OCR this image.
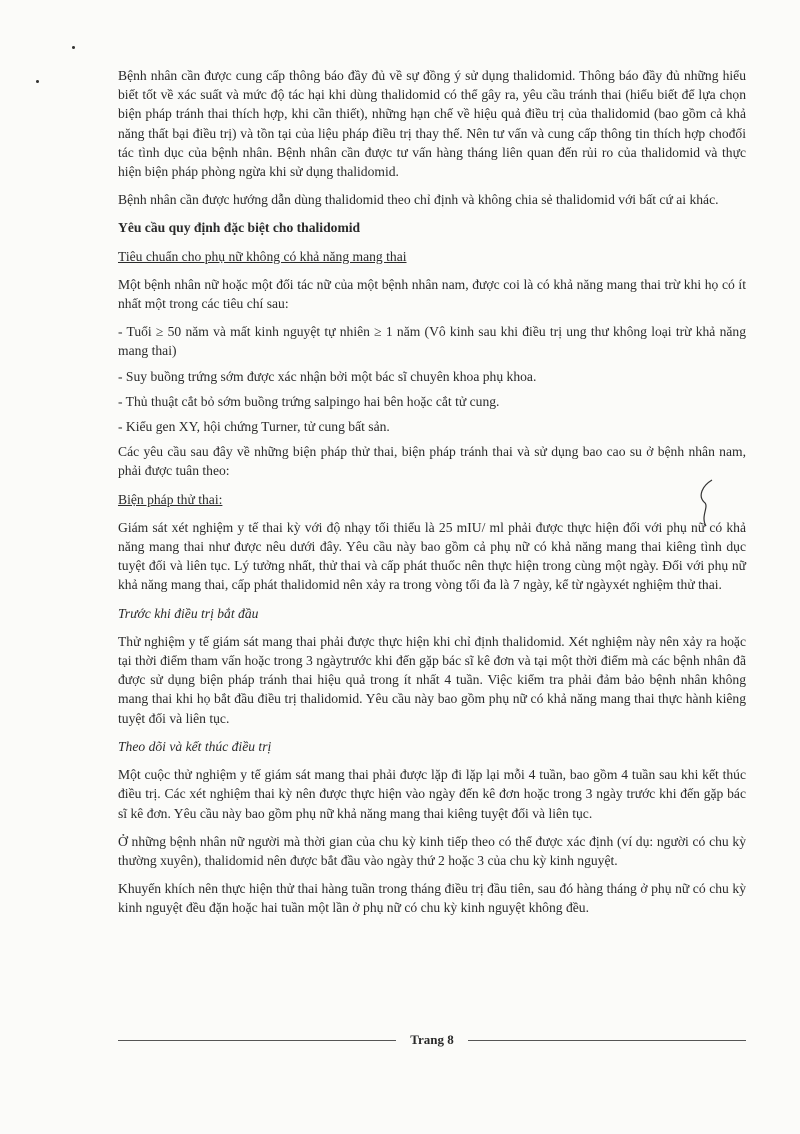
Bệnh nhân cần được cung cấp thông báo đầy đủ về sự đồng ý sử dụng thalidomid. Thông báo đầy đủ những hiểu biết tốt về xác suất và mức độ tác hại khi dùng thalidomid có thể gây ra, yêu cầu tránh thai (hiểu biết để lựa chọn biện pháp tránh thai thích hợp, khi cần thiết), những hạn chế về hiệu quả điều trị của thalidomid (bao gồm cả khả năng thất bại điều trị) và tồn tại của liệu pháp điều trị thay thế. Nên tư vấn và cung cấp thông tin thích hợp chođối tác tình dục của bệnh nhân. Bệnh nhân cần được tư vấn hàng tháng liên quan đến rủi ro của thalidomid và thực hiện biện pháp phòng ngừa khi sử dụng thalidomid.

Bệnh nhân cần được hướng dẫn dùng thalidomid theo chỉ định và không chia sẻ thalidomid với bất cứ ai khác.

Yêu cầu quy định đặc biệt cho thalidomid

Tiêu chuẩn cho phụ nữ không có khả năng mang thai

Một bệnh nhân nữ hoặc một đối tác nữ của một bệnh nhân nam, được coi là có khả năng mang thai trừ khi họ có ít nhất một trong các tiêu chí sau:

- Tuổi ≥ 50 năm và mất kinh nguyệt tự nhiên ≥ 1 năm (Vô kinh sau khi điều trị ung thư không loại trừ khả năng mang thai)

- Suy buồng trứng sớm được xác nhận bởi một bác sĩ chuyên khoa phụ khoa.

- Thủ thuật cắt bỏ sớm buồng trứng salpingo hai bên hoặc cắt tử cung.

- Kiểu gen XY, hội chứng Turner, tử cung bất sản.

Các yêu cầu sau đây về những biện pháp thử thai, biện pháp tránh thai và sử dụng bao cao su ở bệnh nhân nam, phải được tuân theo:

Biện pháp thử thai:

Giám sát xét nghiệm y tế thai kỳ với độ nhạy tối thiểu là 25 mIU/ ml phải được thực hiện đối với phụ nữ có khả năng mang thai như được nêu dưới đây. Yêu cầu này bao gồm cả phụ nữ có khả năng mang thai kiêng tình dục tuyệt đối và liên tục. Lý tưởng nhất, thử thai và cấp phát thuốc nên thực hiện trong cùng một ngày. Đối với phụ nữ khả năng mang thai, cấp phát thalidomid nên xảy ra trong vòng tối đa là 7 ngày, kể từ ngàyxét nghiệm thử thai.

Trước khi điều trị bắt đầu

Thử nghiệm y tế giám sát mang thai phải được thực hiện khi chỉ định thalidomid. Xét nghiệm này nên xảy ra hoặc tại thời điểm tham vấn hoặc trong 3 ngàytrước khi đến gặp bác sĩ kê đơn và tại một thời điểm mà các bệnh nhân đã được sử dụng biện pháp tránh thai hiệu quả trong ít nhất 4 tuần. Việc kiểm tra phải đảm bảo bệnh nhân không mang thai khi họ bắt đầu điều trị thalidomid. Yêu cầu này bao gồm phụ nữ có khả năng mang thai thực hành kiêng tuyệt đối và liên tục.

Theo dõi và kết thúc điều trị

Một cuộc thử nghiệm y tế giám sát mang thai phải được lặp đi lặp lại mỗi 4 tuần, bao gồm 4 tuần sau khi kết thúc điều trị. Các xét nghiệm thai kỳ nên được thực hiện vào ngày đến kê đơn hoặc trong 3 ngày trước khi đến gặp bác sĩ kê đơn. Yêu cầu này bao gồm phụ nữ khả năng mang thai kiêng tuyệt đối và liên tục.

Ở những bệnh nhân nữ người mà thời gian của chu kỳ kinh tiếp theo có thể được xác định (ví dụ: người có chu kỳ thường xuyên), thalidomid nên được bắt đầu vào ngày thứ 2 hoặc 3 của chu kỳ kinh nguyệt.

Khuyến khích nên thực hiện thử thai hàng tuần trong tháng điều trị đầu tiên, sau đó hàng tháng ở phụ nữ có chu kỳ kinh nguyệt đều đặn hoặc hai tuần một lần ở phụ nữ có chu kỳ kinh nguyệt không đều.

Trang 8
